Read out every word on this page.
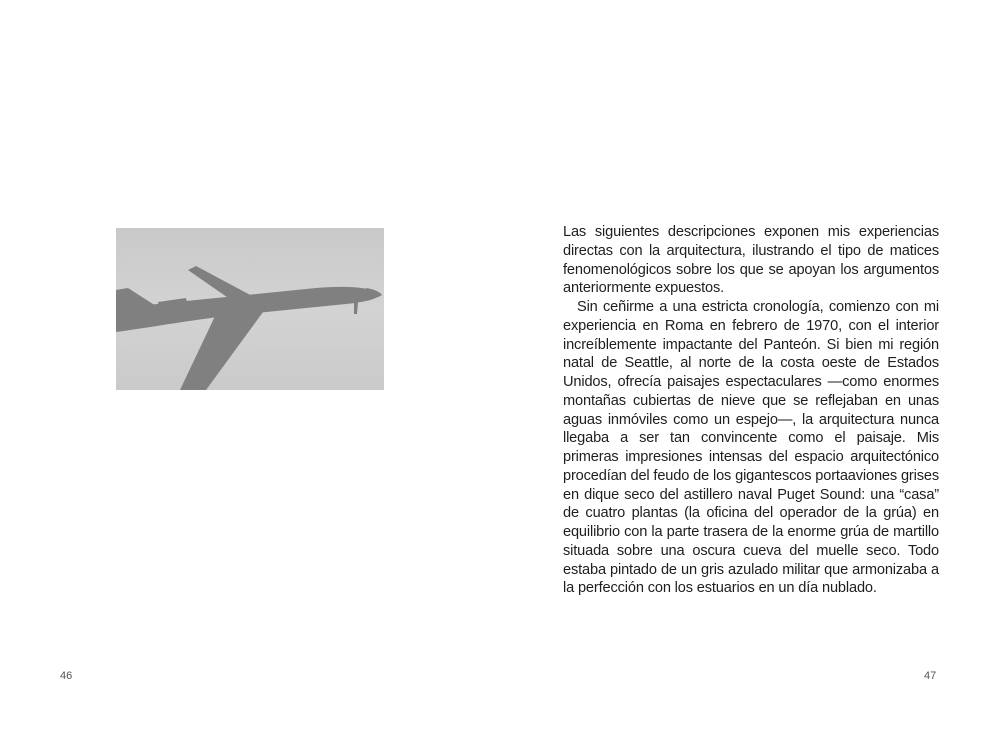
46

Las siguientes descripciones exponen mis experiencias directas con la arquitectura, ilustrando el tipo de matices fenomenológicos sobre los que se apoyan los argumentos anteriormente expuestos.

Sin ceñirme a una estricta cronología, comienzo con mi experiencia en Roma en febrero de 1970, con el interior increíblemente impactante del Panteón. Si bien mi región natal de Seattle, al norte de la costa oeste de Estados Unidos, ofrecía paisajes espectaculares —como enormes montañas cubiertas de nieve que se reflejaban en unas aguas inmóviles como un espejo—, la arquitectura nunca llegaba a ser tan convincente como el paisaje. Mis primeras impresiones intensas del espacio arquitectónico procedían del feudo de los gigantescos portaaviones grises en dique seco del astillero naval Puget Sound: una “casa” de cuatro plantas (la oficina del operador de la grúa) en equilibrio con la parte trasera de la enorme grúa de martillo situada sobre una oscura cueva del muelle seco. Todo estaba pintado de un gris azulado militar que armonizaba a la perfección con los estuarios en un día nublado.

47
